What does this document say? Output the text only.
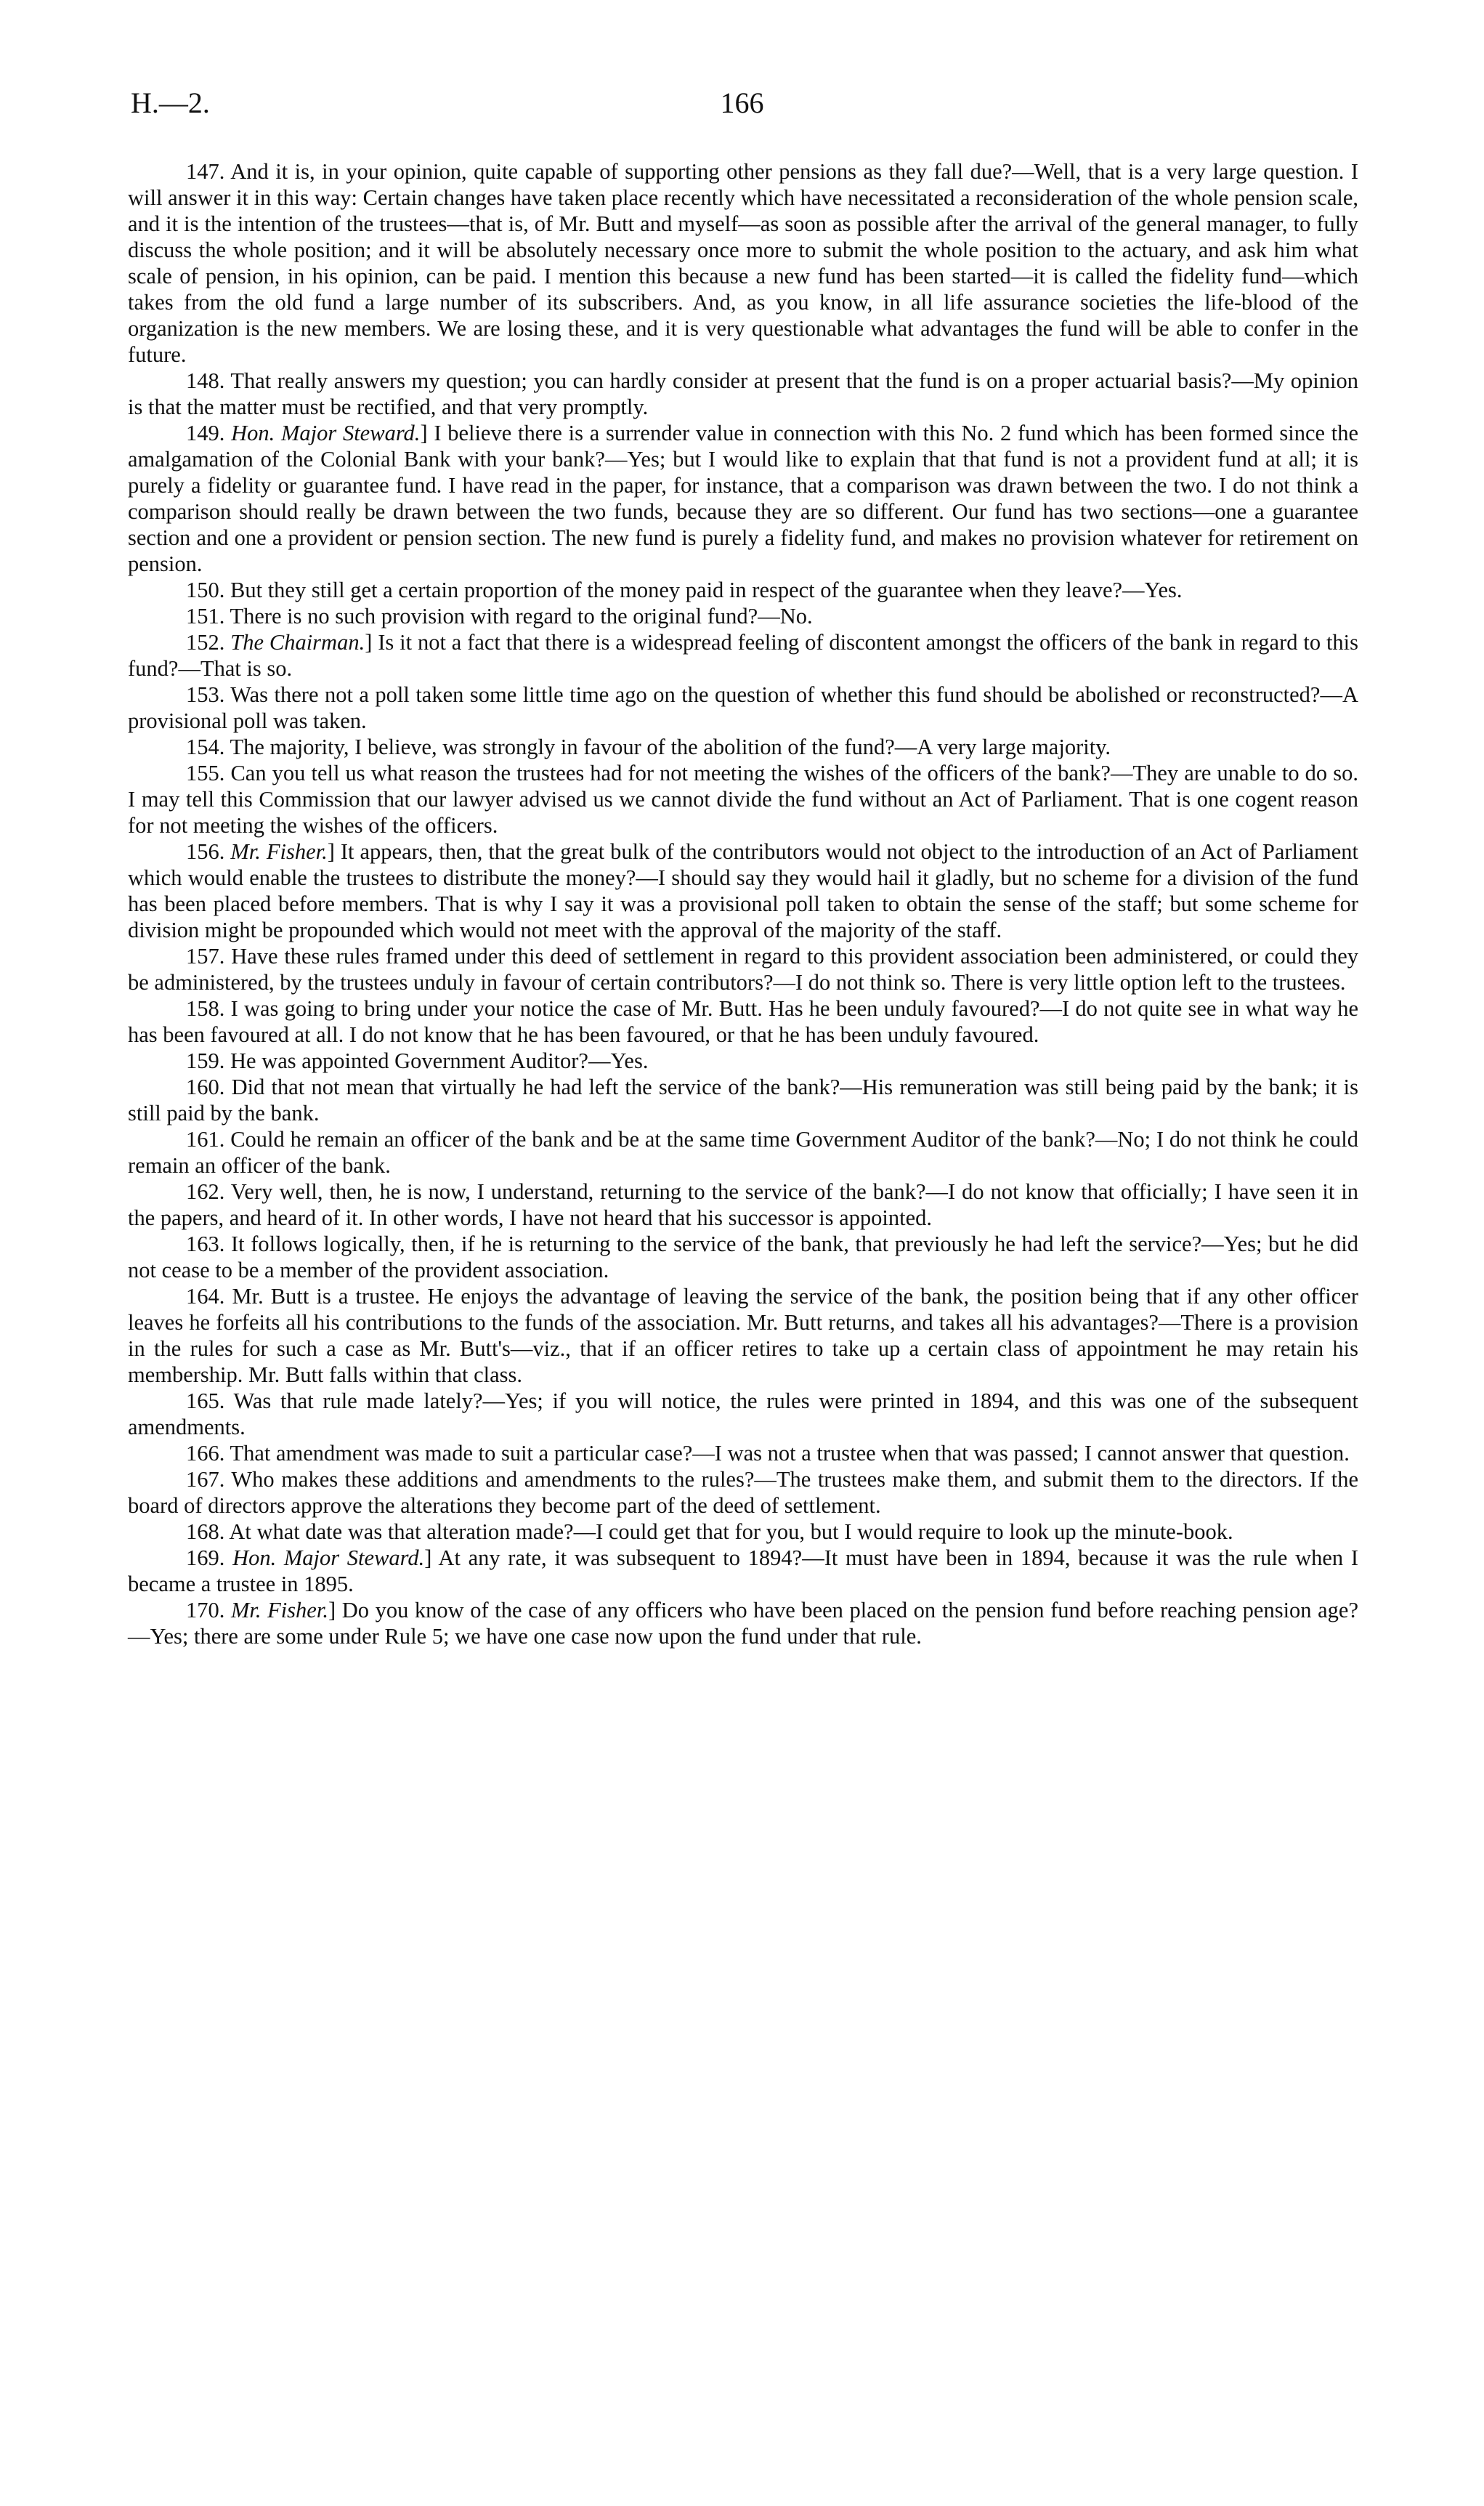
H.—2.	166

147. And it is, in your opinion, quite capable of supporting other pensions as they fall due?—Well, that is a very large question. I will answer it in this way: Certain changes have taken place recently which have necessitated a reconsideration of the whole pension scale, and it is the intention of the trustees—that is, of Mr. Butt and myself—as soon as possible after the arrival of the general manager, to fully discuss the whole position; and it will be absolutely necessary once more to submit the whole position to the actuary, and ask him what scale of pension, in his opinion, can be paid. I mention this because a new fund has been started—it is called the fidelity fund—which takes from the old fund a large number of its subscribers. And, as you know, in all life assurance societies the life-blood of the organization is the new members. We are losing these, and it is very questionable what advantages the fund will be able to confer in the future.

148. That really answers my question; you can hardly consider at present that the fund is on a proper actuarial basis?—My opinion is that the matter must be rectified, and that very promptly.

149. Hon. Major Steward.] I believe there is a surrender value in connection with this No. 2 fund which has been formed since the amalgamation of the Colonial Bank with your bank?—Yes; but I would like to explain that that fund is not a provident fund at all; it is purely a fidelity or guarantee fund. I have read in the paper, for instance, that a comparison was drawn between the two. I do not think a comparison should really be drawn between the two funds, because they are so different. Our fund has two sections—one a guarantee section and one a provident or pension section. The new fund is purely a fidelity fund, and makes no provision whatever for retirement on pension.

150. But they still get a certain proportion of the money paid in respect of the guarantee when they leave?—Yes.

151. There is no such provision with regard to the original fund?—No.

152. The Chairman.] Is it not a fact that there is a widespread feeling of discontent amongst the officers of the bank in regard to this fund?—That is so.

153. Was there not a poll taken some little time ago on the question of whether this fund should be abolished or reconstructed?—A provisional poll was taken.

154. The majority, I believe, was strongly in favour of the abolition of the fund?—A very large majority.

155. Can you tell us what reason the trustees had for not meeting the wishes of the officers of the bank?—They are unable to do so. I may tell this Commission that our lawyer advised us we cannot divide the fund without an Act of Parliament. That is one cogent reason for not meeting the wishes of the officers.

156. Mr. Fisher.] It appears, then, that the great bulk of the contributors would not object to the introduction of an Act of Parliament which would enable the trustees to distribute the money?—I should say they would hail it gladly, but no scheme for a division of the fund has been placed before members. That is why I say it was a provisional poll taken to obtain the sense of the staff; but some scheme for division might be propounded which would not meet with the approval of the majority of the staff.

157. Have these rules framed under this deed of settlement in regard to this provident association been administered, or could they be administered, by the trustees unduly in favour of certain contributors?—I do not think so. There is very little option left to the trustees.

158. I was going to bring under your notice the case of Mr. Butt. Has he been unduly favoured?—I do not quite see in what way he has been favoured at all. I do not know that he has been favoured, or that he has been unduly favoured.

159. He was appointed Government Auditor?—Yes.

160. Did that not mean that virtually he had left the service of the bank?—His remuneration was still being paid by the bank; it is still paid by the bank.

161. Could he remain an officer of the bank and be at the same time Government Auditor of the bank?—No; I do not think he could remain an officer of the bank.

162. Very well, then, he is now, I understand, returning to the service of the bank?—I do not know that officially; I have seen it in the papers, and heard of it. In other words, I have not heard that his successor is appointed.

163. It follows logically, then, if he is returning to the service of the bank, that previously he had left the service?—Yes; but he did not cease to be a member of the provident association.

164. Mr. Butt is a trustee. He enjoys the advantage of leaving the service of the bank, the position being that if any other officer leaves he forfeits all his contributions to the funds of the association. Mr. Butt returns, and takes all his advantages?—There is a provision in the rules for such a case as Mr. Butt's—viz., that if an officer retires to take up a certain class of appointment he may retain his membership. Mr. Butt falls within that class.

165. Was that rule made lately?—Yes; if you will notice, the rules were printed in 1894, and this was one of the subsequent amendments.

166. That amendment was made to suit a particular case?—I was not a trustee when that was passed; I cannot answer that question.

167. Who makes these additions and amendments to the rules?—The trustees make them, and submit them to the directors. If the board of directors approve the alterations they become part of the deed of settlement.

168. At what date was that alteration made?—I could get that for you, but I would require to look up the minute-book.

169. Hon. Major Steward.] At any rate, it was subsequent to 1894?—It must have been in 1894, because it was the rule when I became a trustee in 1895.

170. Mr. Fisher.] Do you know of the case of any officers who have been placed on the pension fund before reaching pension age?—Yes; there are some under Rule 5; we have one case now upon the fund under that rule.
